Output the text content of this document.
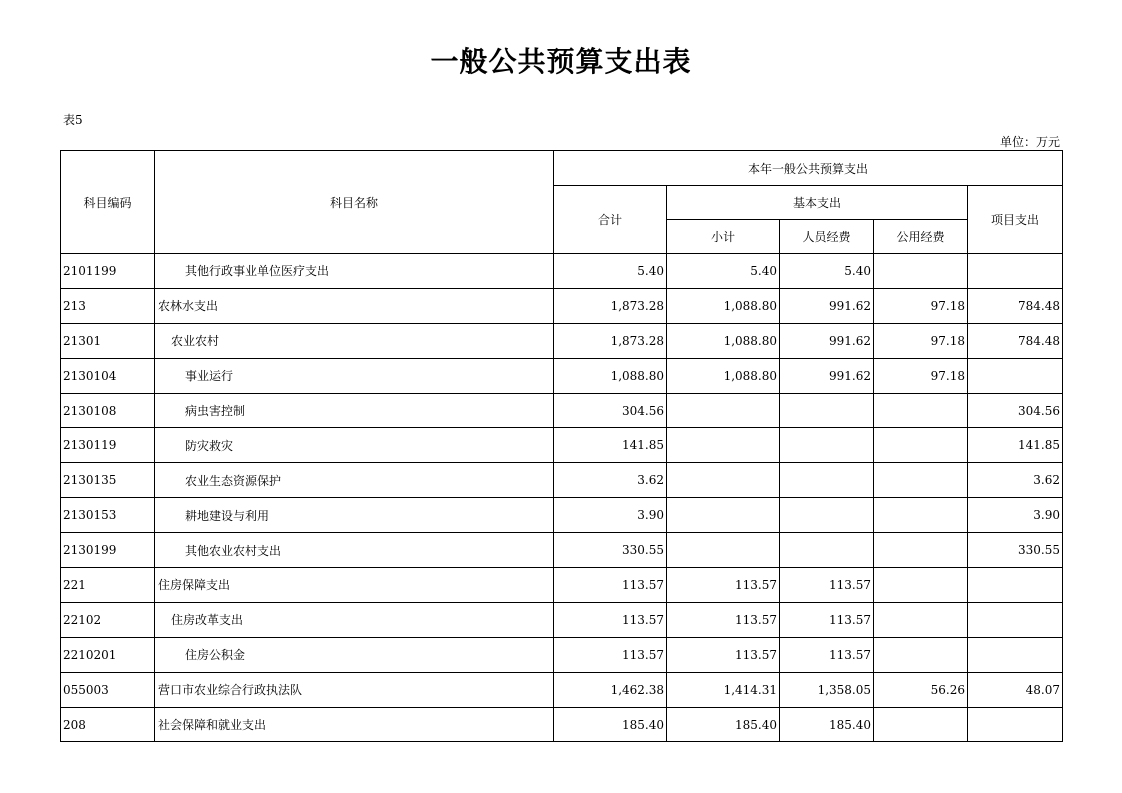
一般公共预算支出表
表5
单位：万元
科目编码	科目名称	本年一般公共预算支出				
		合计	基本支出			项目支出
			小计	人员经费	公用经费	
2101199	其他行政事业单位医疗支出	5.40	5.40	5.40		
213	农林水支出	1,873.28	1,088.80	991.62	97.18	784.48
21301	农业农村	1,873.28	1,088.80	991.62	97.18	784.48
2130104	事业运行	1,088.80	1,088.80	991.62	97.18	
2130108	病虫害控制	304.56				304.56
2130119	防灾救灾	141.85				141.85
2130135	农业生态资源保护	3.62				3.62
2130153	耕地建设与利用	3.90				3.90
2130199	其他农业农村支出	330.55				330.55
221	住房保障支出	113.57	113.57	113.57		
22102	住房改革支出	113.57	113.57	113.57		
2210201	住房公积金	113.57	113.57	113.57		
055003	营口市农业综合行政执法队	1,462.38	1,414.31	1,358.05	56.26	48.07
208	社会保障和就业支出	185.40	185.40	185.40		
